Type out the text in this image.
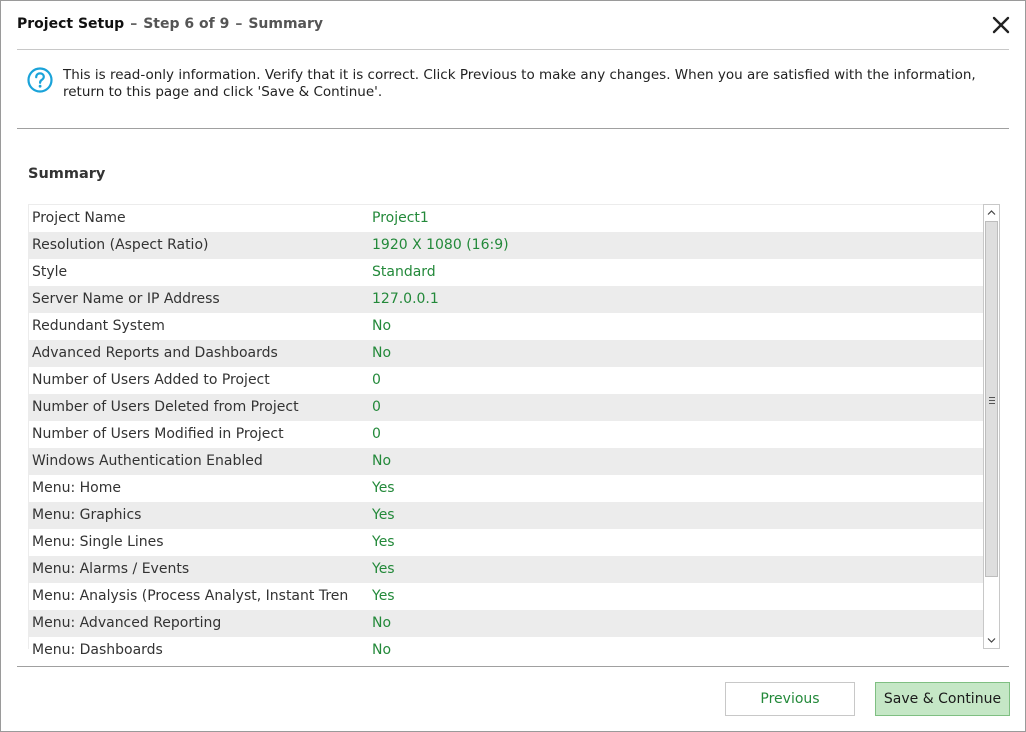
Project Setup – Step 6 of 9 – Summary
This is read-only information. Verify that it is correct. Click Previous to make any changes. When you are satisfied with the information, return to this page and click 'Save & Continue'.
Summary
Project Name	Project1
Resolution (Aspect Ratio)	1920 X 1080 (16:9)
Style	Standard
Server Name or IP Address	127.0.0.1
Redundant System	No
Advanced Reports and Dashboards	No
Number of Users Added to Project	0
Number of Users Deleted from Project	0
Number of Users Modified in Project	0
Windows Authentication Enabled	No
Menu: Home	Yes
Menu: Graphics	Yes
Menu: Single Lines	Yes
Menu: Alarms / Events	Yes
Menu: Analysis (Process Analyst, Instant Tren	Yes
Menu: Advanced Reporting	No
Menu: Dashboards	No
Previous	Save & Continue
